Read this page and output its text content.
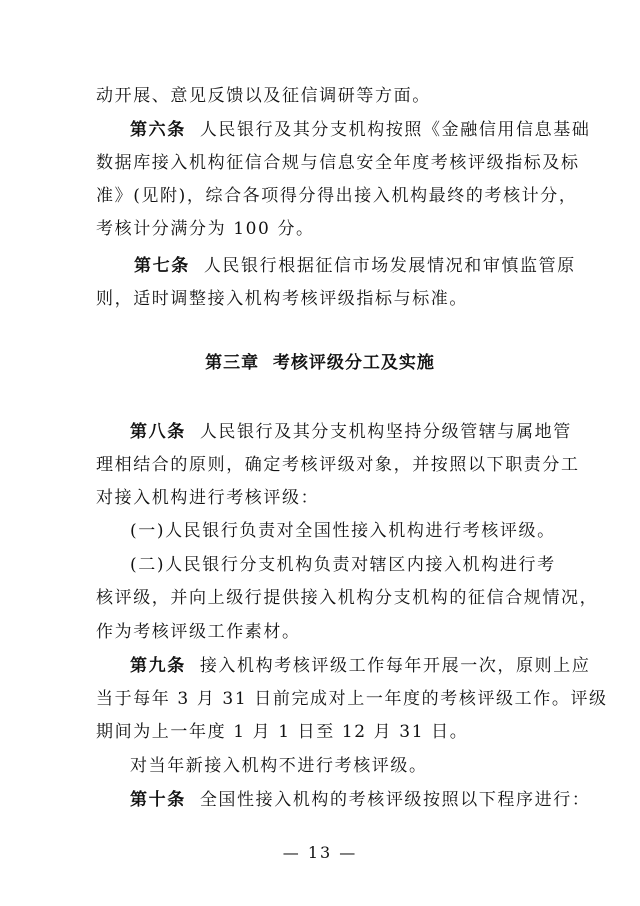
动开展、意见反馈以及征信调研等方面。
第六条 人民银行及其分支机构按照《金融信用信息基础
数据库接入机构征信合规与信息安全年度考核评级指标及标
准》(见附)，综合各项得分得出接入机构最终的考核计分，
考核计分满分为 100 分。
第七条 人民银行根据征信市场发展情况和审慎监管原
则，适时调整接入机构考核评级指标与标准。
第三章  考核评级分工及实施
第八条 人民银行及其分支机构坚持分级管辖与属地管
理相结合的原则，确定考核评级对象，并按照以下职责分工
对接入机构进行考核评级：
(一)人民银行负责对全国性接入机构进行考核评级。
(二)人民银行分支机构负责对辖区内接入机构进行考
核评级，并向上级行提供接入机构分支机构的征信合规情况，
作为考核评级工作素材。
第九条 接入机构考核评级工作每年开展一次，原则上应
当于每年 3 月 31 日前完成对上一年度的考核评级工作。评级
期间为上一年度 1 月 1 日至 12 月 31 日。
对当年新接入机构不进行考核评级。
第十条 全国性接入机构的考核评级按照以下程序进行：
— 13 —
